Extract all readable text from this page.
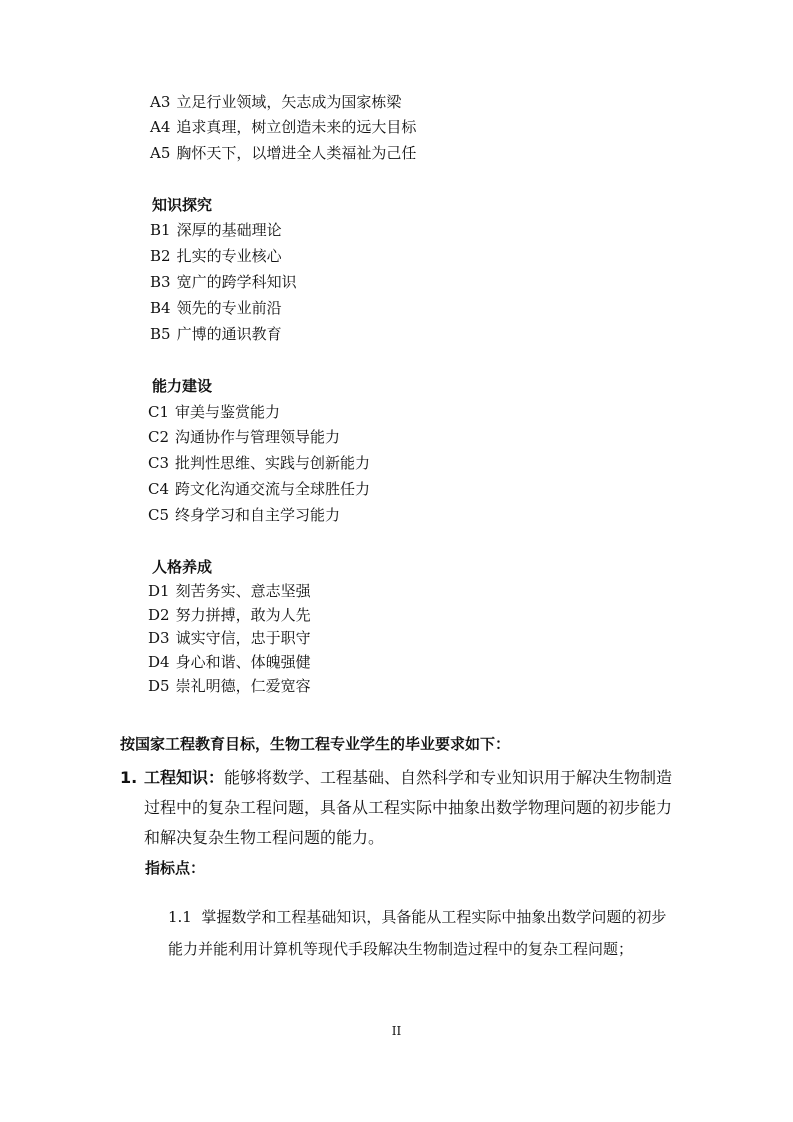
A3 立足行业领域，矢志成为国家栋梁
A4 追求真理，树立创造未来的远大目标
A5 胸怀天下，以增进全人类福祉为己任
知识探究
B1 深厚的基础理论
B2 扎实的专业核心
B3 宽广的跨学科知识
B4 领先的专业前沿
B5 广博的通识教育
能力建设
C1 审美与鉴赏能力
C2 沟通协作与管理领导能力
C3 批判性思维、实践与创新能力
C4 跨文化沟通交流与全球胜任力
C5 终身学习和自主学习能力
人格养成
D1 刻苦务实、意志坚强
D2 努力拼搏，敢为人先
D3 诚实守信，忠于职守
D4 身心和谐、体魄强健
D5 崇礼明德，仁爱宽容
按国家工程教育目标，生物工程专业学生的毕业要求如下：
1. 工程知识：能够将数学、工程基础、自然科学和专业知识用于解决生物制造过程中的复杂工程问题，具备从工程实际中抽象出数学物理问题的初步能力和解决复杂生物工程问题的能力。
指标点：
1.1 掌握数学和工程基础知识，具备能从工程实际中抽象出数学问题的初步能力并能利用计算机等现代手段解决生物制造过程中的复杂工程问题；
II
